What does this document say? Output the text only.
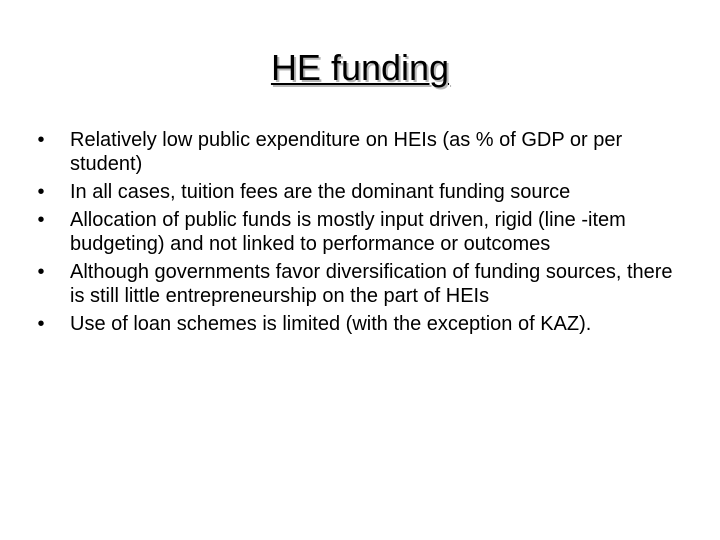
HE funding
• Relatively low public expenditure on HEIs (as % of GDP or per student)
• In all cases, tuition fees are the dominant funding source
• Allocation of public funds is mostly input driven, rigid (line -item budgeting) and not linked to performance or outcomes
• Although governments favor diversification of funding sources, there is still little entrepreneurship on the part of HEIs
• Use of loan schemes is limited (with the exception of KAZ).
